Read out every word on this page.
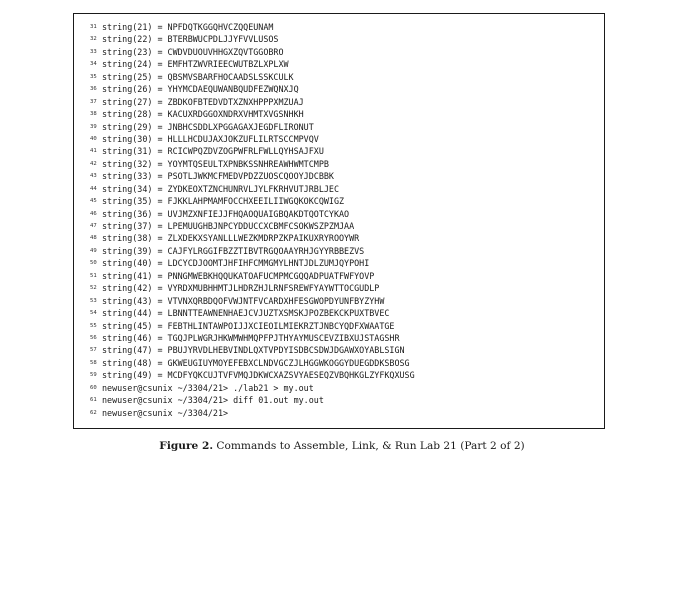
31 string(21) = NPFDQTKGGQHVCZQQEUNAM
32 string(22) = BTERBWUCPDLJJYFVVLUSOS
33 string(23) = CWDVDUOUVHHGXZQVTGGOBRO
34 string(24) = EMFHTZWVRIEECWUTBZLXPLXW
35 string(25) = QBSMVSBARFHOCAADSLSSKCULK
36 string(26) = YHYMCDAEQUWANBQUDFEZWQNXJQ
37 string(27) = ZBDKOFBTEDVDTXZNXHPPPXMZUAJ
38 string(28) = KACUXRDGGOXNDRXVHMTXVGSNHKH
39 string(29) = JNBHCSDDLXPGGAGAXJEGDFLIRONUT
40 string(30) = HLLLHCDUJAXJOKZUFLILRTSCCMPVQV
41 string(31) = RCICWPQZDVZOGPWFRLFWLLQYHSAJFXU
42 string(32) = YOYMTQSEULTXPNBKSSNHREAWHWMTCMPB
43 string(33) = PSOTLJWKMCFMEDVPDZZUOSCQOOYJDCBBK
44 string(34) = ZYDKEOXTZNCHUNRVLJYLFKRHVUTJRBLJEC
45 string(35) = FJKKLAHPMAMFOCCHXEEILIIWGQKOKCQWIGZ
46 string(36) = UVJMZXNFIEJJFHQAOQUAIGBQAKDTQOTCYKAO
47 string(37) = LPEMUUGHBJNPCYDDUCCXCBMFCSOKWSZPZMJAA
48 string(38) = ZLXDEKXSYANLLLWEZKMDRPZKPAIKUXRYROOYWR
49 string(39) = CAJFYLRGGIFBZZTIBVTRGQOAAYRHJGYYRBBEZVS
50 string(40) = LDCYCDJOOMTJHFIHFCMMGMYLHNTJDLZUMJQYPOHI
51 string(41) = PNNGMWEBKHQQUKATOAFUCMPMCGQQADPUATFWFYOVP
52 string(42) = VYRDXMUBHHMTJLHDRZHJLRNFSREWFYAYWTTOCGUDLP
53 string(43) = VTVNXQRBDQOFVWJNTFVCARDXHFESGWOPDYUNFBYZYHW
54 string(44) = LBNNTTEAWNENHAEJCVJUZTXSMSKJPOZBEKCKPUXTBVEC
55 string(45) = FEBTHLINTAWPOIJJXCIEOILMIEKRZTJNBCYQDFXWAATGE
56 string(46) = TGQJPLWGRJHKWMWHMQPFPJTHYAYMUSCEVZIBXUJSTAGSHR
57 string(47) = PBUJYRVDLHEBVINDLQXTVPDYISDBCSDWJDGAWXOYABLSIGN
58 string(48) = GKWEUGIUYMOYEFEBXCLNDVGCZJLHGGWKOGGYDUEGDDKSBOSG
59 string(49) = MCDFYQKCUJTVFVMQJDKWCXAZSVYAESEQZVBQHKGLZYFKQXUSG
60 newuser@csunix ~/3304/21> ./lab21 > my.out
61 newuser@csunix ~/3304/21> diff 01.out my.out
62 newuser@csunix ~/3304/21>
Figure 2. Commands to Assemble, Link, & Run Lab 21 (Part 2 of 2)
